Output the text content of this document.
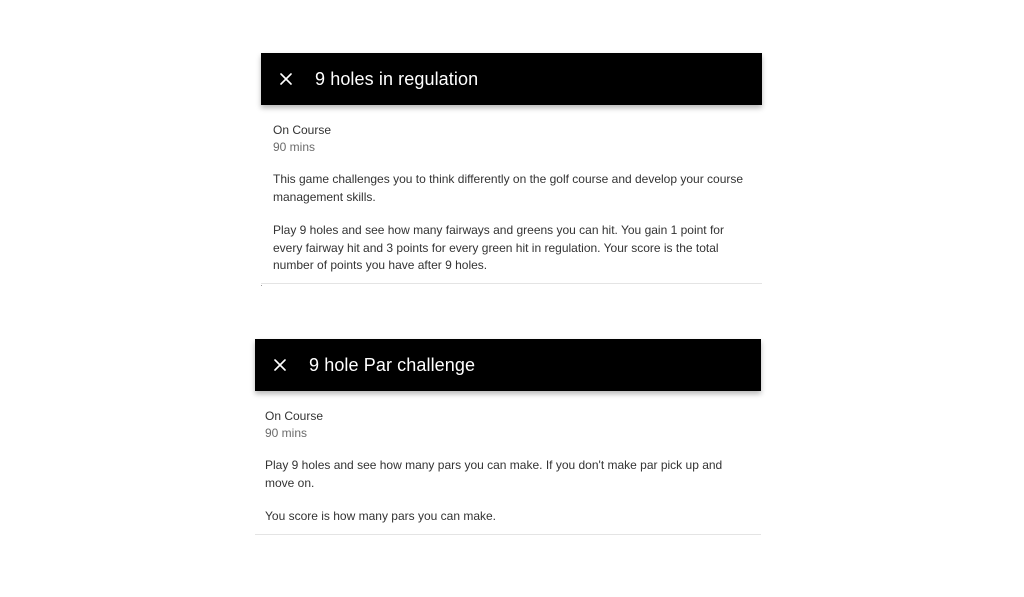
9 holes in regulation
On Course
90 mins
This game challenges you to think differently on the golf course and develop your course management skills.
Play 9 holes and see how many fairways and greens you can hit. You gain 1 point for every fairway hit and 3 points for every green hit in regulation. Your score is the total number of points you have after 9 holes.
9 hole Par challenge
On Course
90 mins
Play 9 holes and see how many pars you can make. If you don't make par pick up and move on.
You score is how many pars you can make.
